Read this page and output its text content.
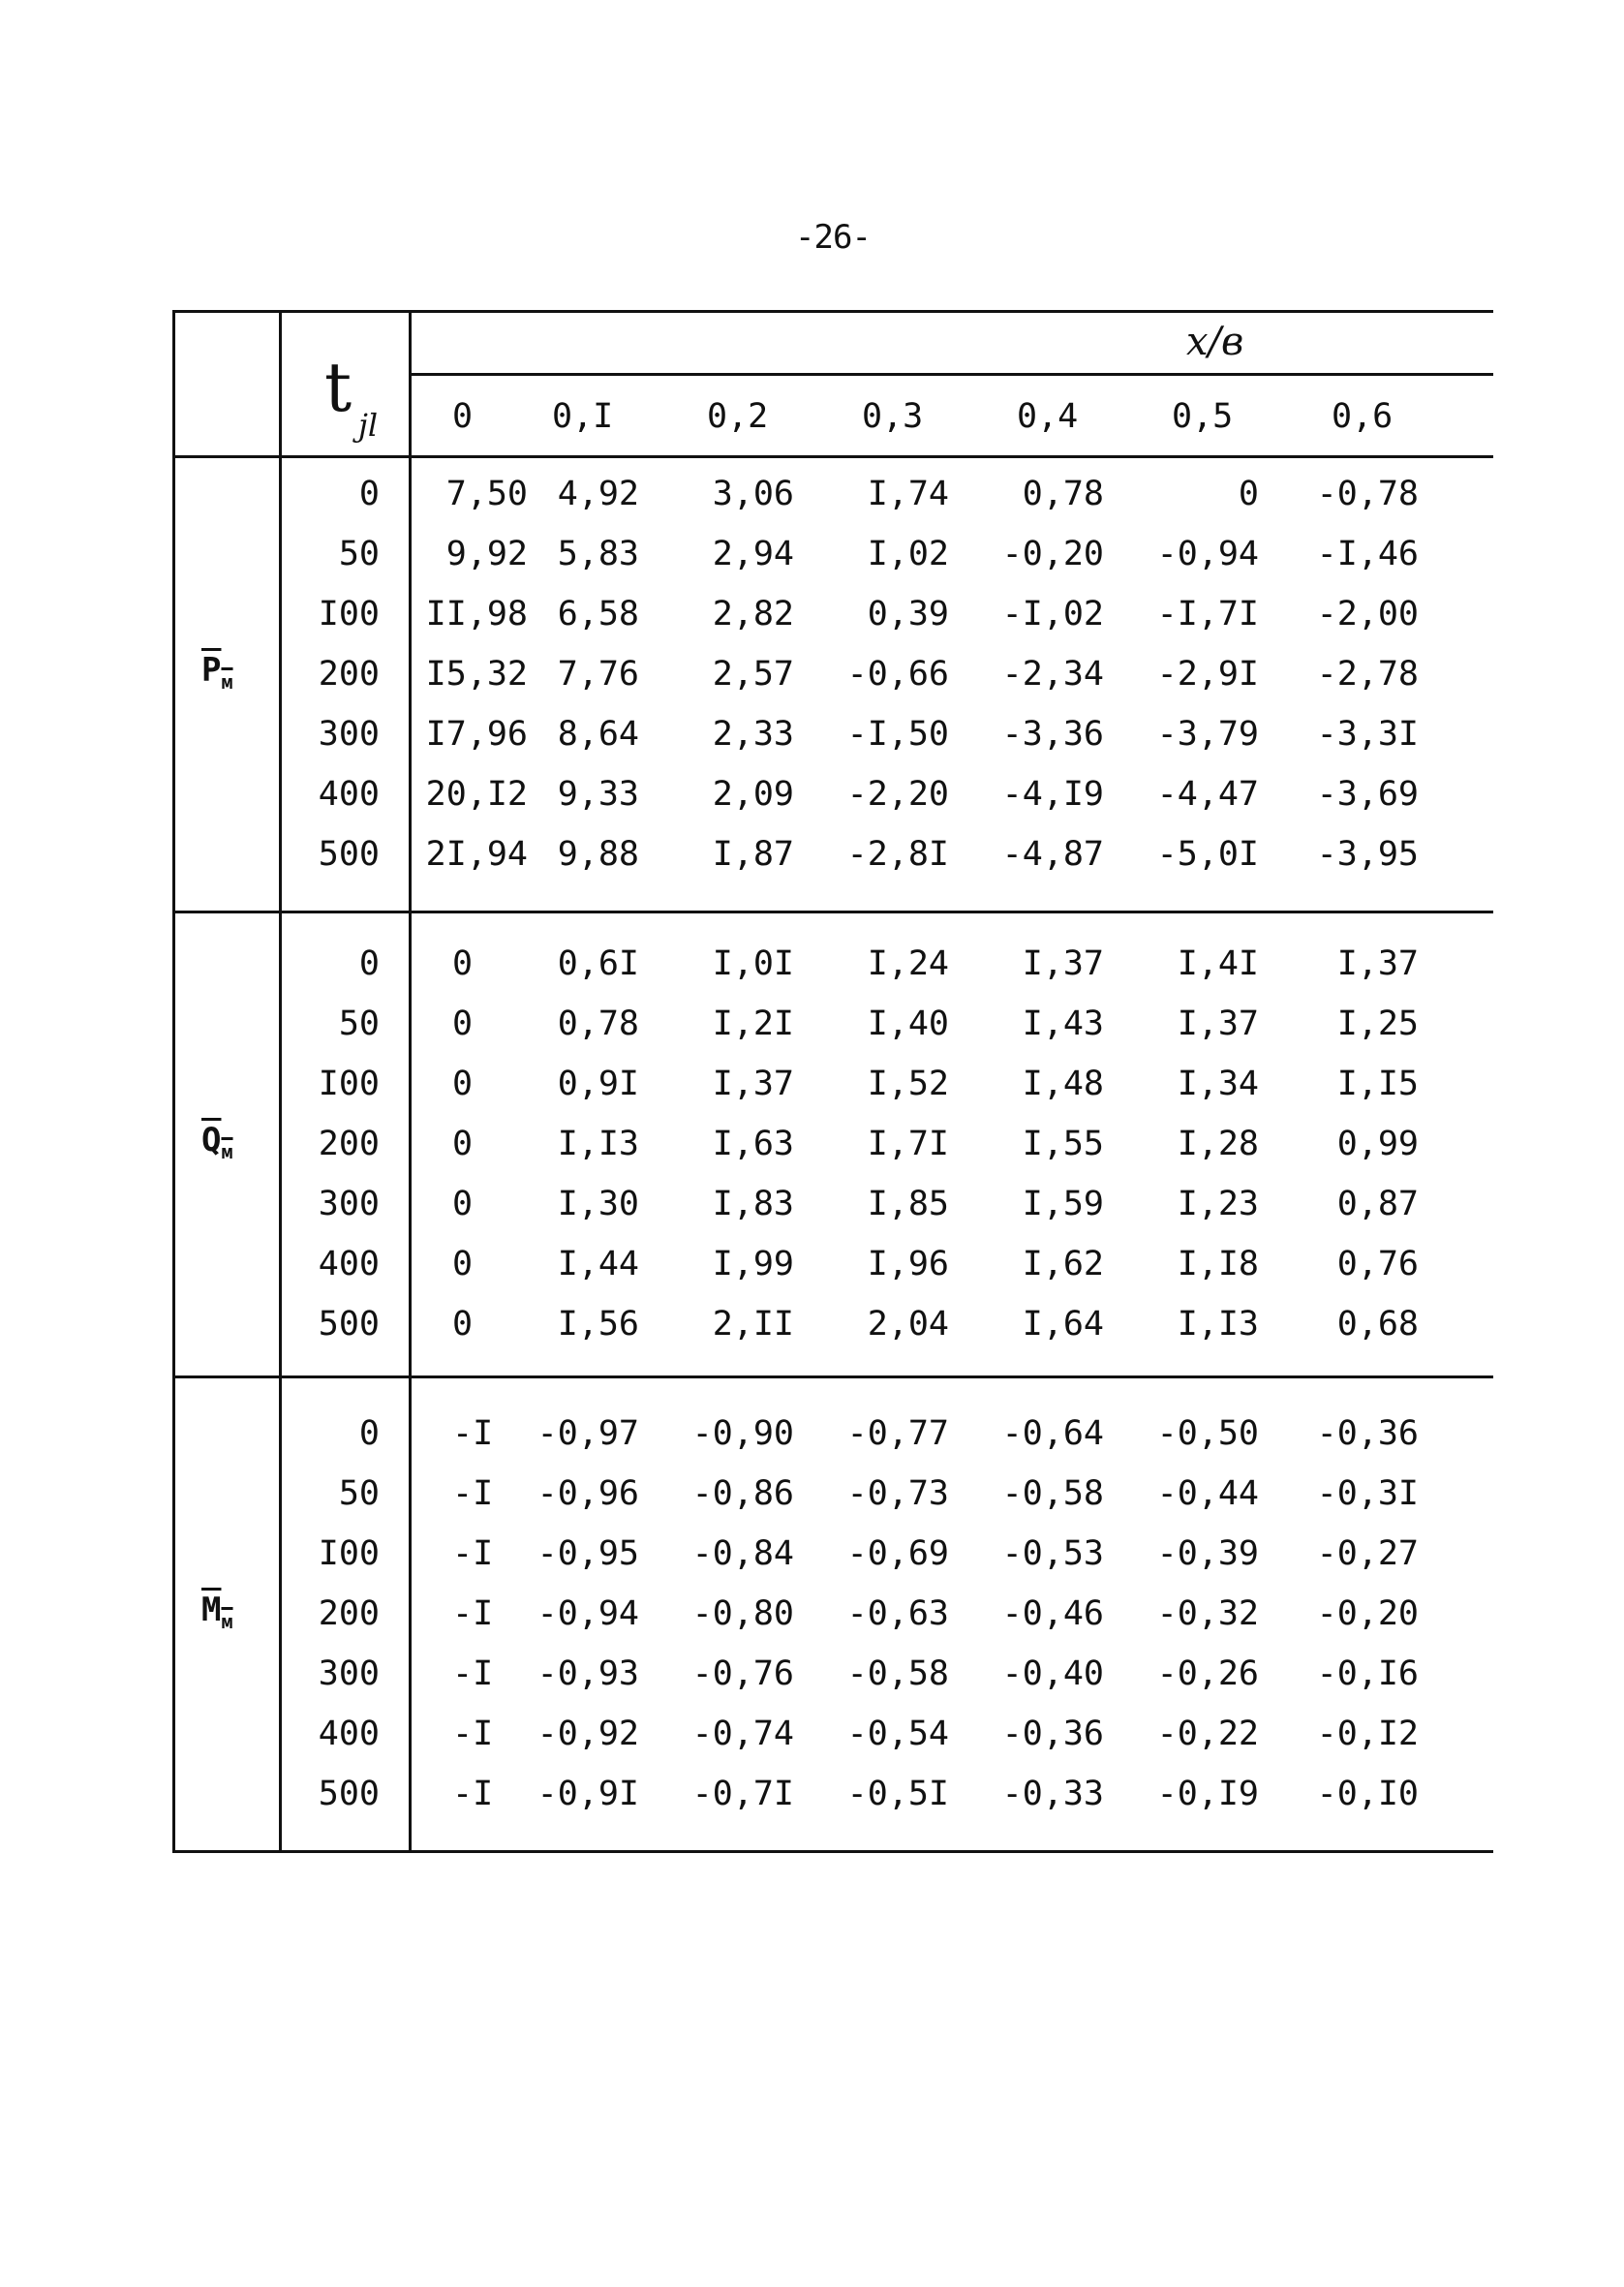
-26-
t jl
x/в
0 0,I	0,2	0,3	0,4	0,5	0,6
$P_м$
0	7,50 4,92	3,06	I,74	0,78	0	-0,78
50	9,92 5,83	2,94	I,02	-0,20	-0,94	-I,46
I00	II,98 6,58	2,82	0,39	-I,02	-I,7I	-2,00
200	I5,32 7,76	2,57	-0,66	-2,34	-2,9I	-2,78
300	I7,96 8,64	2,33	-I,50	-3,36	-3,79	-3,3I
400	20,I2 9,33	2,09	-2,20	-4,I9	-4,47	-3,69
500	2I,94 9,88	I,87	-2,8I	-4,87	-5,0I	-3,95
$Q_м$
0 0	0,6I	I,0I	I,24	I,37	I,4I	I,37
50 0	0,78	I,2I	I,40	I,43	I,37	I,25
I00 0	0,9I	I,37	I,52	I,48	I,34	I,I5
200 0	I,I3	I,63	I,7I	I,55	I,28	0,99
300 0	I,30	I,83	I,85	I,59	I,23	0,87
400 0	I,44	I,99	I,96	I,62	I,I8	0,76
500 0	I,56	2,II	2,04	I,64	I,I3	0,68
$M_м$
0 -I	-0,97	-0,90	-0,77	-0,64	-0,50	-0,36
50 -I	-0,96	-0,86	-0,73	-0,58	-0,44	-0,3I
I00 -I	-0,95	-0,84	-0,69	-0,53	-0,39	-0,27
200 -I	-0,94	-0,80	-0,63	-0,46	-0,32	-0,20
300 -I	-0,93	-0,76	-0,58	-0,40	-0,26	-0,I6
400 -I	-0,92	-0,74	-0,54	-0,36	-0,22	-0,I2
500 -I	-0,9I	-0,7I	-0,5I	-0,33	-0,I9	-0,I0
